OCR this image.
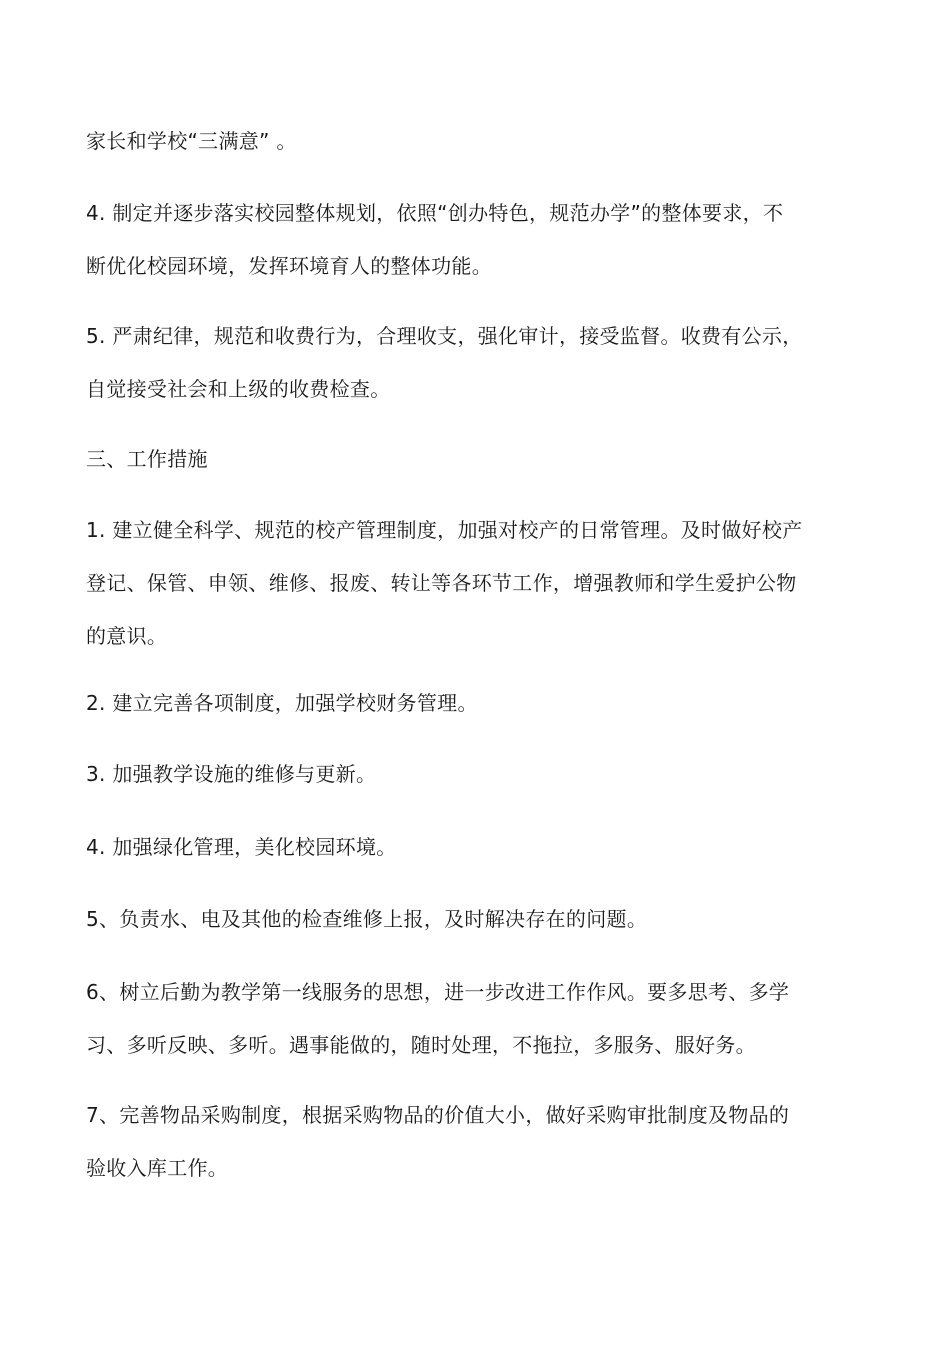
家长和学校“三满意” 。

4. 制定并逐步落实校园整体规划，依照“创办特色，规范办学”的整体要求，不
断优化校园环境，发挥环境育人的整体功能。

5. 严肃纪律，规范和收费行为，合理收支，强化审计，接受监督。收费有公示，
自觉接受社会和上级的收费检查。

三、工作措施

1. 建立健全科学、规范的校产管理制度，加强对校产的日常管理。及时做好校产
登记、保管、申领、维修、报废、转让等各环节工作，增强教师和学生爱护公物
的意识。

2. 建立完善各项制度，加强学校财务管理。

3. 加强教学设施的维修与更新。

4. 加强绿化管理，美化校园环境。

5、负责水、电及其他的检查维修上报，及时解决存在的问题。

6、树立后勤为教学第一线服务的思想，进一步改进工作作风。要多思考、多学
习、多听反映、多听。遇事能做的，随时处理，不拖拉，多服务、服好务。

7、完善物品采购制度，根据采购物品的价值大小，做好采购审批制度及物品的
验收入库工作。
